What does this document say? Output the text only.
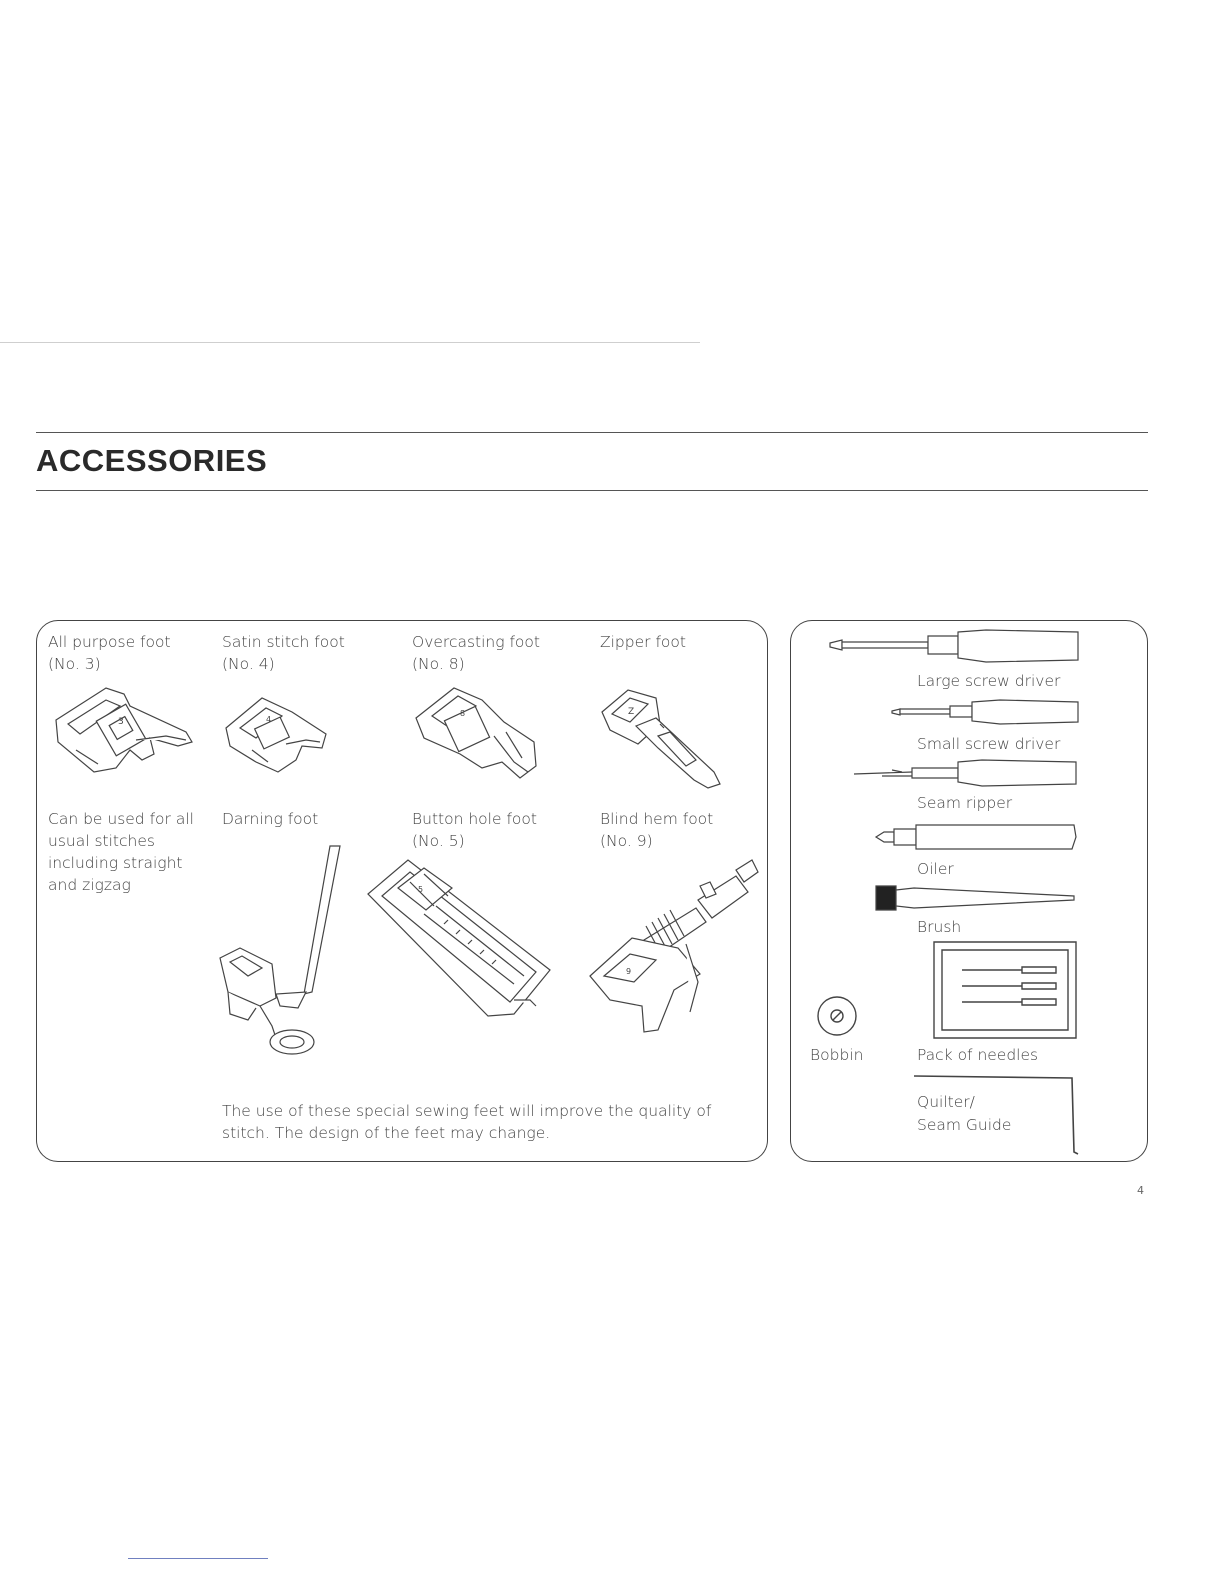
ACCESSORIES
All purpose foot
(No. 3)
Satin stitch foot
(No. 4)
Overcasting foot
(No. 8)
Zipper foot
3	4
8	Z
Can be used for all usual stitches including straight and zigzag
Darning foot	Button hole foot
(No. 5)
Blind hem foot
(No. 9)
5
9
The use of these special sewing feet will improve the quality of stitch. The design of the feet may change.
Large screw driver
Small screw driver
Seam ripper
Oiler
Brush
Bobbin	Pack of needles
Quilter/
Seam Guide
4
